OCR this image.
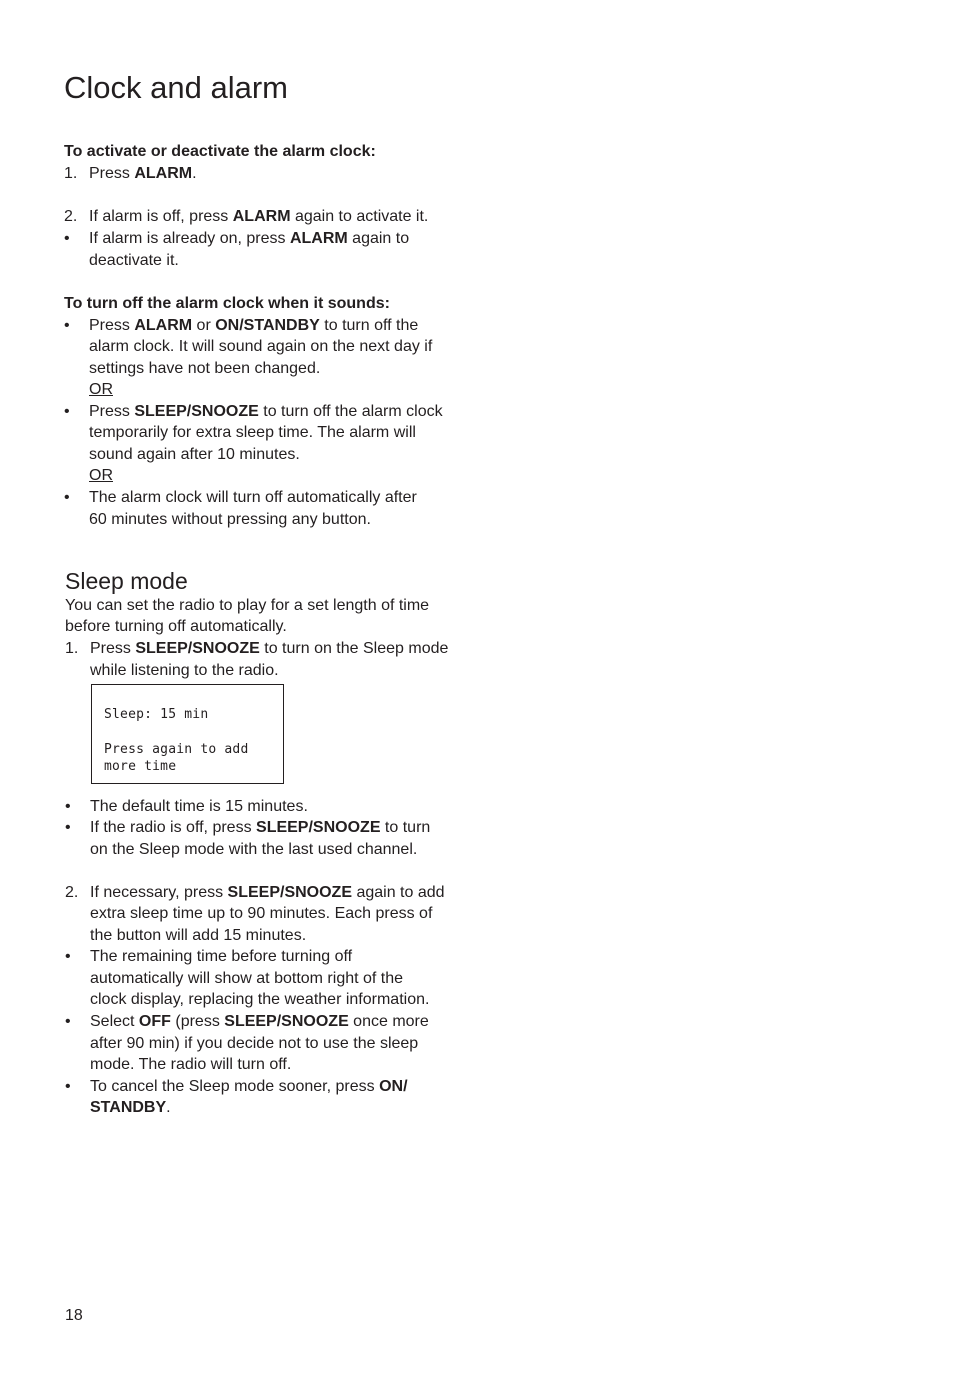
Clock and alarm

To activate or deactivate the alarm clock:

1. Press ALARM.

2. If alarm is off, press ALARM again to activate it.

• If alarm is already on, press ALARM again to

deactivate it.

To turn off the alarm clock when it sounds:

• Press ALARM or ON/STANDBY to turn off the

alarm clock. It will sound again on the next day if

settings have not been changed.

OR

• Press SLEEP/SNOOZE to turn off the alarm clock

temporarily for extra sleep time. The alarm will

sound again after 10 minutes.

OR

• The alarm clock will turn off automatically after

60 minutes without pressing any button.

Sleep mode

You can set the radio to play for a set length of time

before turning off automatically.

1. Press SLEEP/SNOOZE to turn on the Sleep mode

while listening to the radio.

Sleep: 15 min

Press again to add

more time

• The default time is 15 minutes.

• If the radio is off, press SLEEP/SNOOZE to turn

on the Sleep mode with the last used channel.

2. If necessary, press SLEEP/SNOOZE again to add

extra sleep time up to 90 minutes. Each press of

the button will add 15 minutes.

• The remaining time before turning off

automatically will show at bottom right of the

clock display, replacing the weather information.

• Select OFF (press SLEEP/SNOOZE once more

after 90 min) if you decide not to use the sleep

mode. The radio will turn off.

• To cancel the Sleep mode sooner, press ON/

STANDBY.

18
